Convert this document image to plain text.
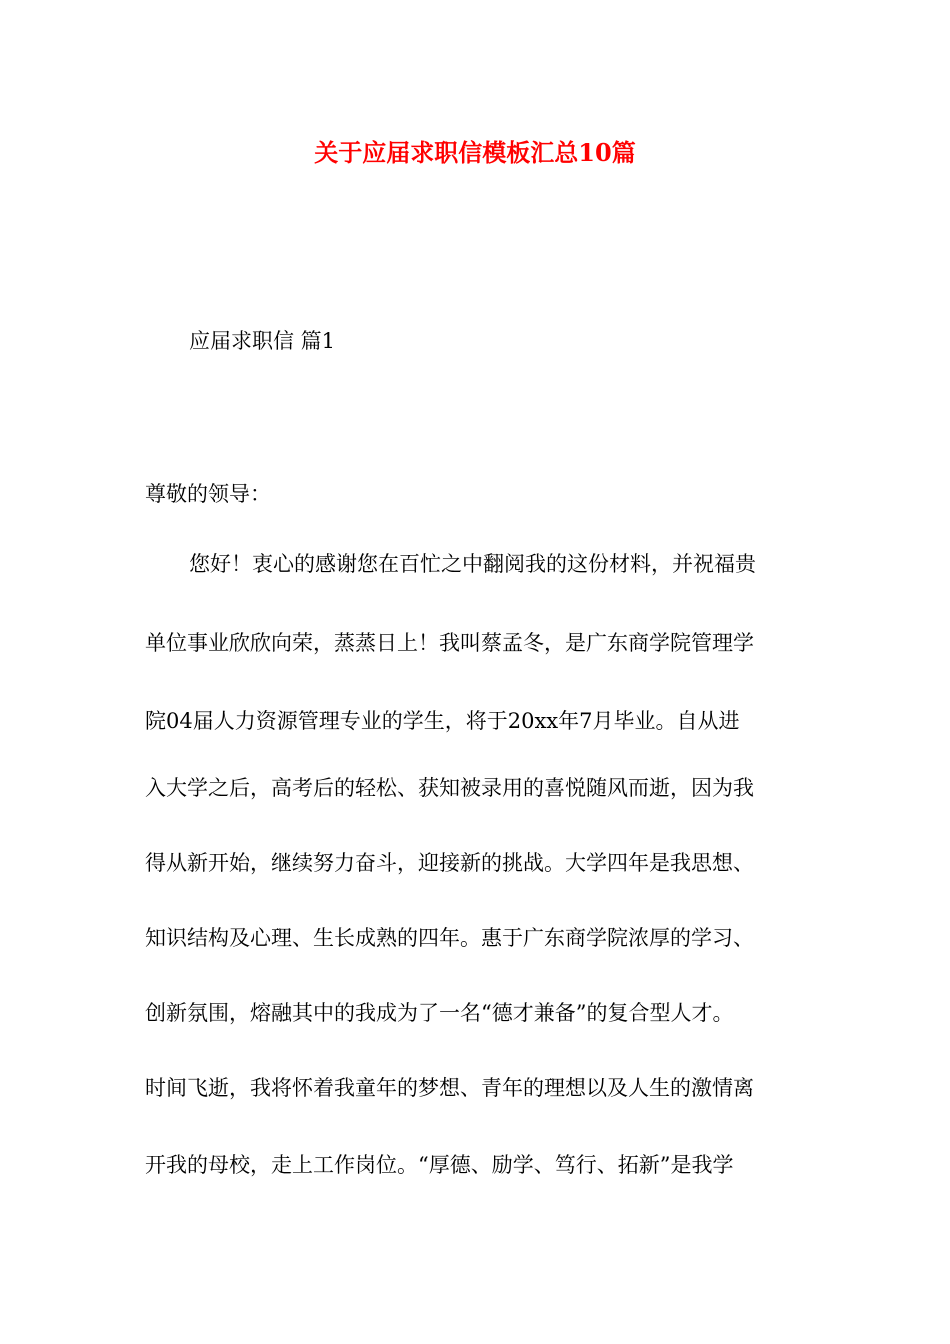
关于应届求职信模板汇总10篇
应届求职信 篇1
尊敬的领导：
您好！衷心的感谢您在百忙之中翻阅我的这份材料，并祝福贵
单位事业欣欣向荣，蒸蒸日上！我叫蔡孟冬，是广东商学院管理学
院04届人力资源管理专业的学生，将于20xx年7月毕业。自从进
入大学之后，高考后的轻松、获知被录用的喜悦随风而逝，因为我
得从新开始，继续努力奋斗，迎接新的挑战。大学四年是我思想、
知识结构及心理、生长成熟的四年。惠于广东商学院浓厚的学习、
创新氛围，熔融其中的我成为了一名“德才兼备”的复合型人才。
时间飞逝，我将怀着我童年的梦想、青年的理想以及人生的激情离
开我的母校，走上工作岗位。“厚德、励学、笃行、拓新”是我学
